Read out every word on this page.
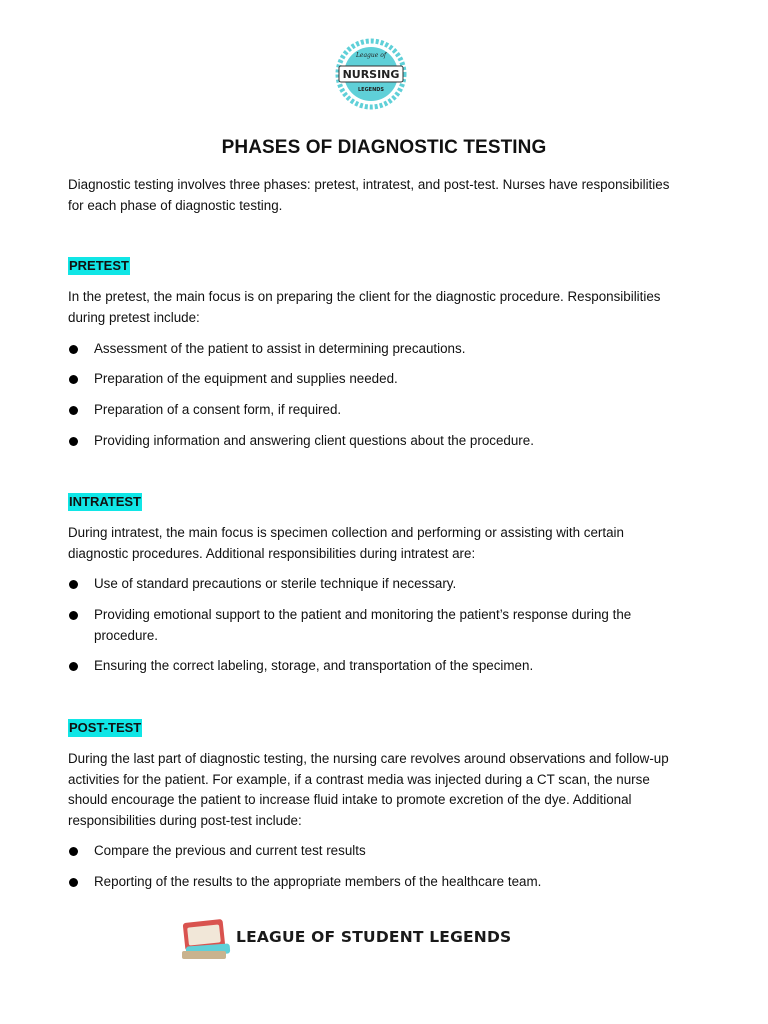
League of
NURSING
LEGENDS
PHASES OF DIAGNOSTIC TESTING
Diagnostic testing involves three phases: pretest, intratest, and post-test. Nurses have responsibilities
for each phase of diagnostic testing.
PRETEST
In the pretest, the main focus is on preparing the client for the diagnostic procedure. Responsibilities
during pretest include:
Assessment of the patient to assist in determining precautions.
Preparation of the equipment and supplies needed.
Preparation of a consent form, if required.
Providing information and answering client questions about the procedure.
INTRATEST
During intratest, the main focus is specimen collection and performing or assisting with certain
diagnostic procedures. Additional responsibilities during intratest are:
Use of standard precautions or sterile technique if necessary.
Providing emotional support to the patient and monitoring the patient’s response during the
procedure.
Ensuring the correct labeling, storage, and transportation of the specimen.
POST-TEST
During the last part of diagnostic testing, the nursing care revolves around observations and follow-up
activities for the patient. For example, if a contrast media was injected during a CT scan, the nurse
should encourage the patient to increase fluid intake to promote excretion of the dye. Additional
responsibilities during post-test include:
Compare the previous and current test results
Reporting of the results to the appropriate members of the healthcare team.
LEAGUE OF STUDENT LEGENDS
